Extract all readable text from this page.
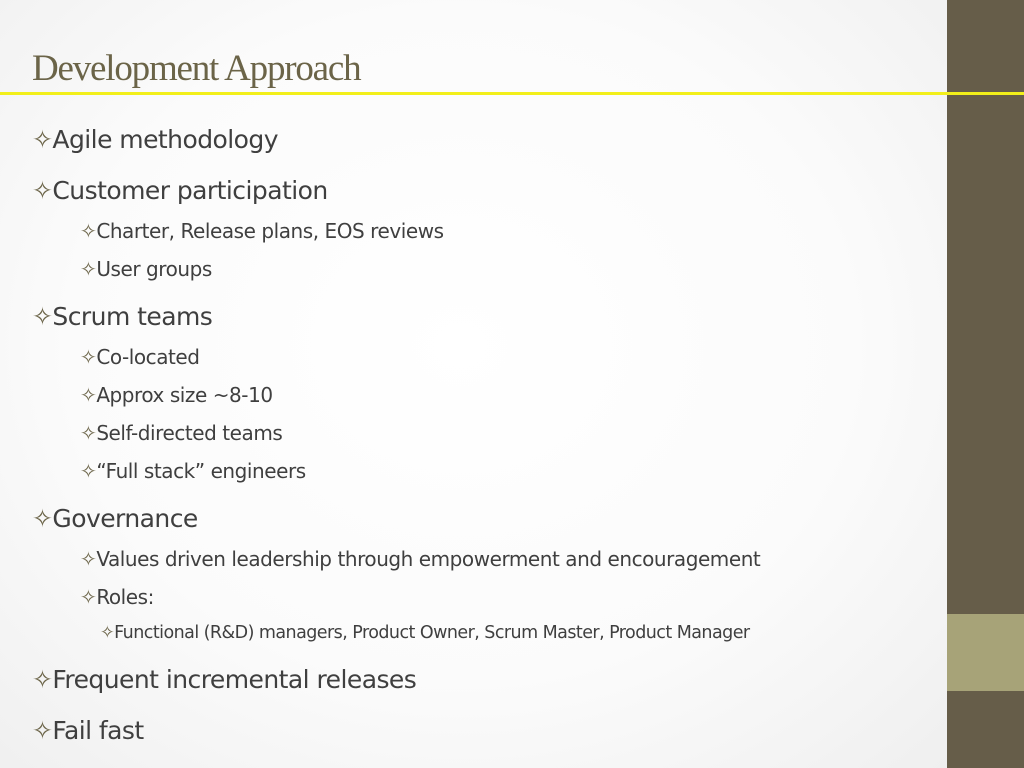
Development Approach
✧Agile methodology
✧Customer participation
✧Charter, Release plans, EOS reviews
✧User groups
✧Scrum teams
✧Co-located
✧Approx size ~8-10
✧Self-directed teams
✧“Full stack” engineers
✧Governance
✧Values driven leadership through empowerment and encouragement
✧Roles:
✧Functional (R&D) managers, Product Owner, Scrum Master, Product Manager
✧Frequent incremental releases
✧Fail fast
